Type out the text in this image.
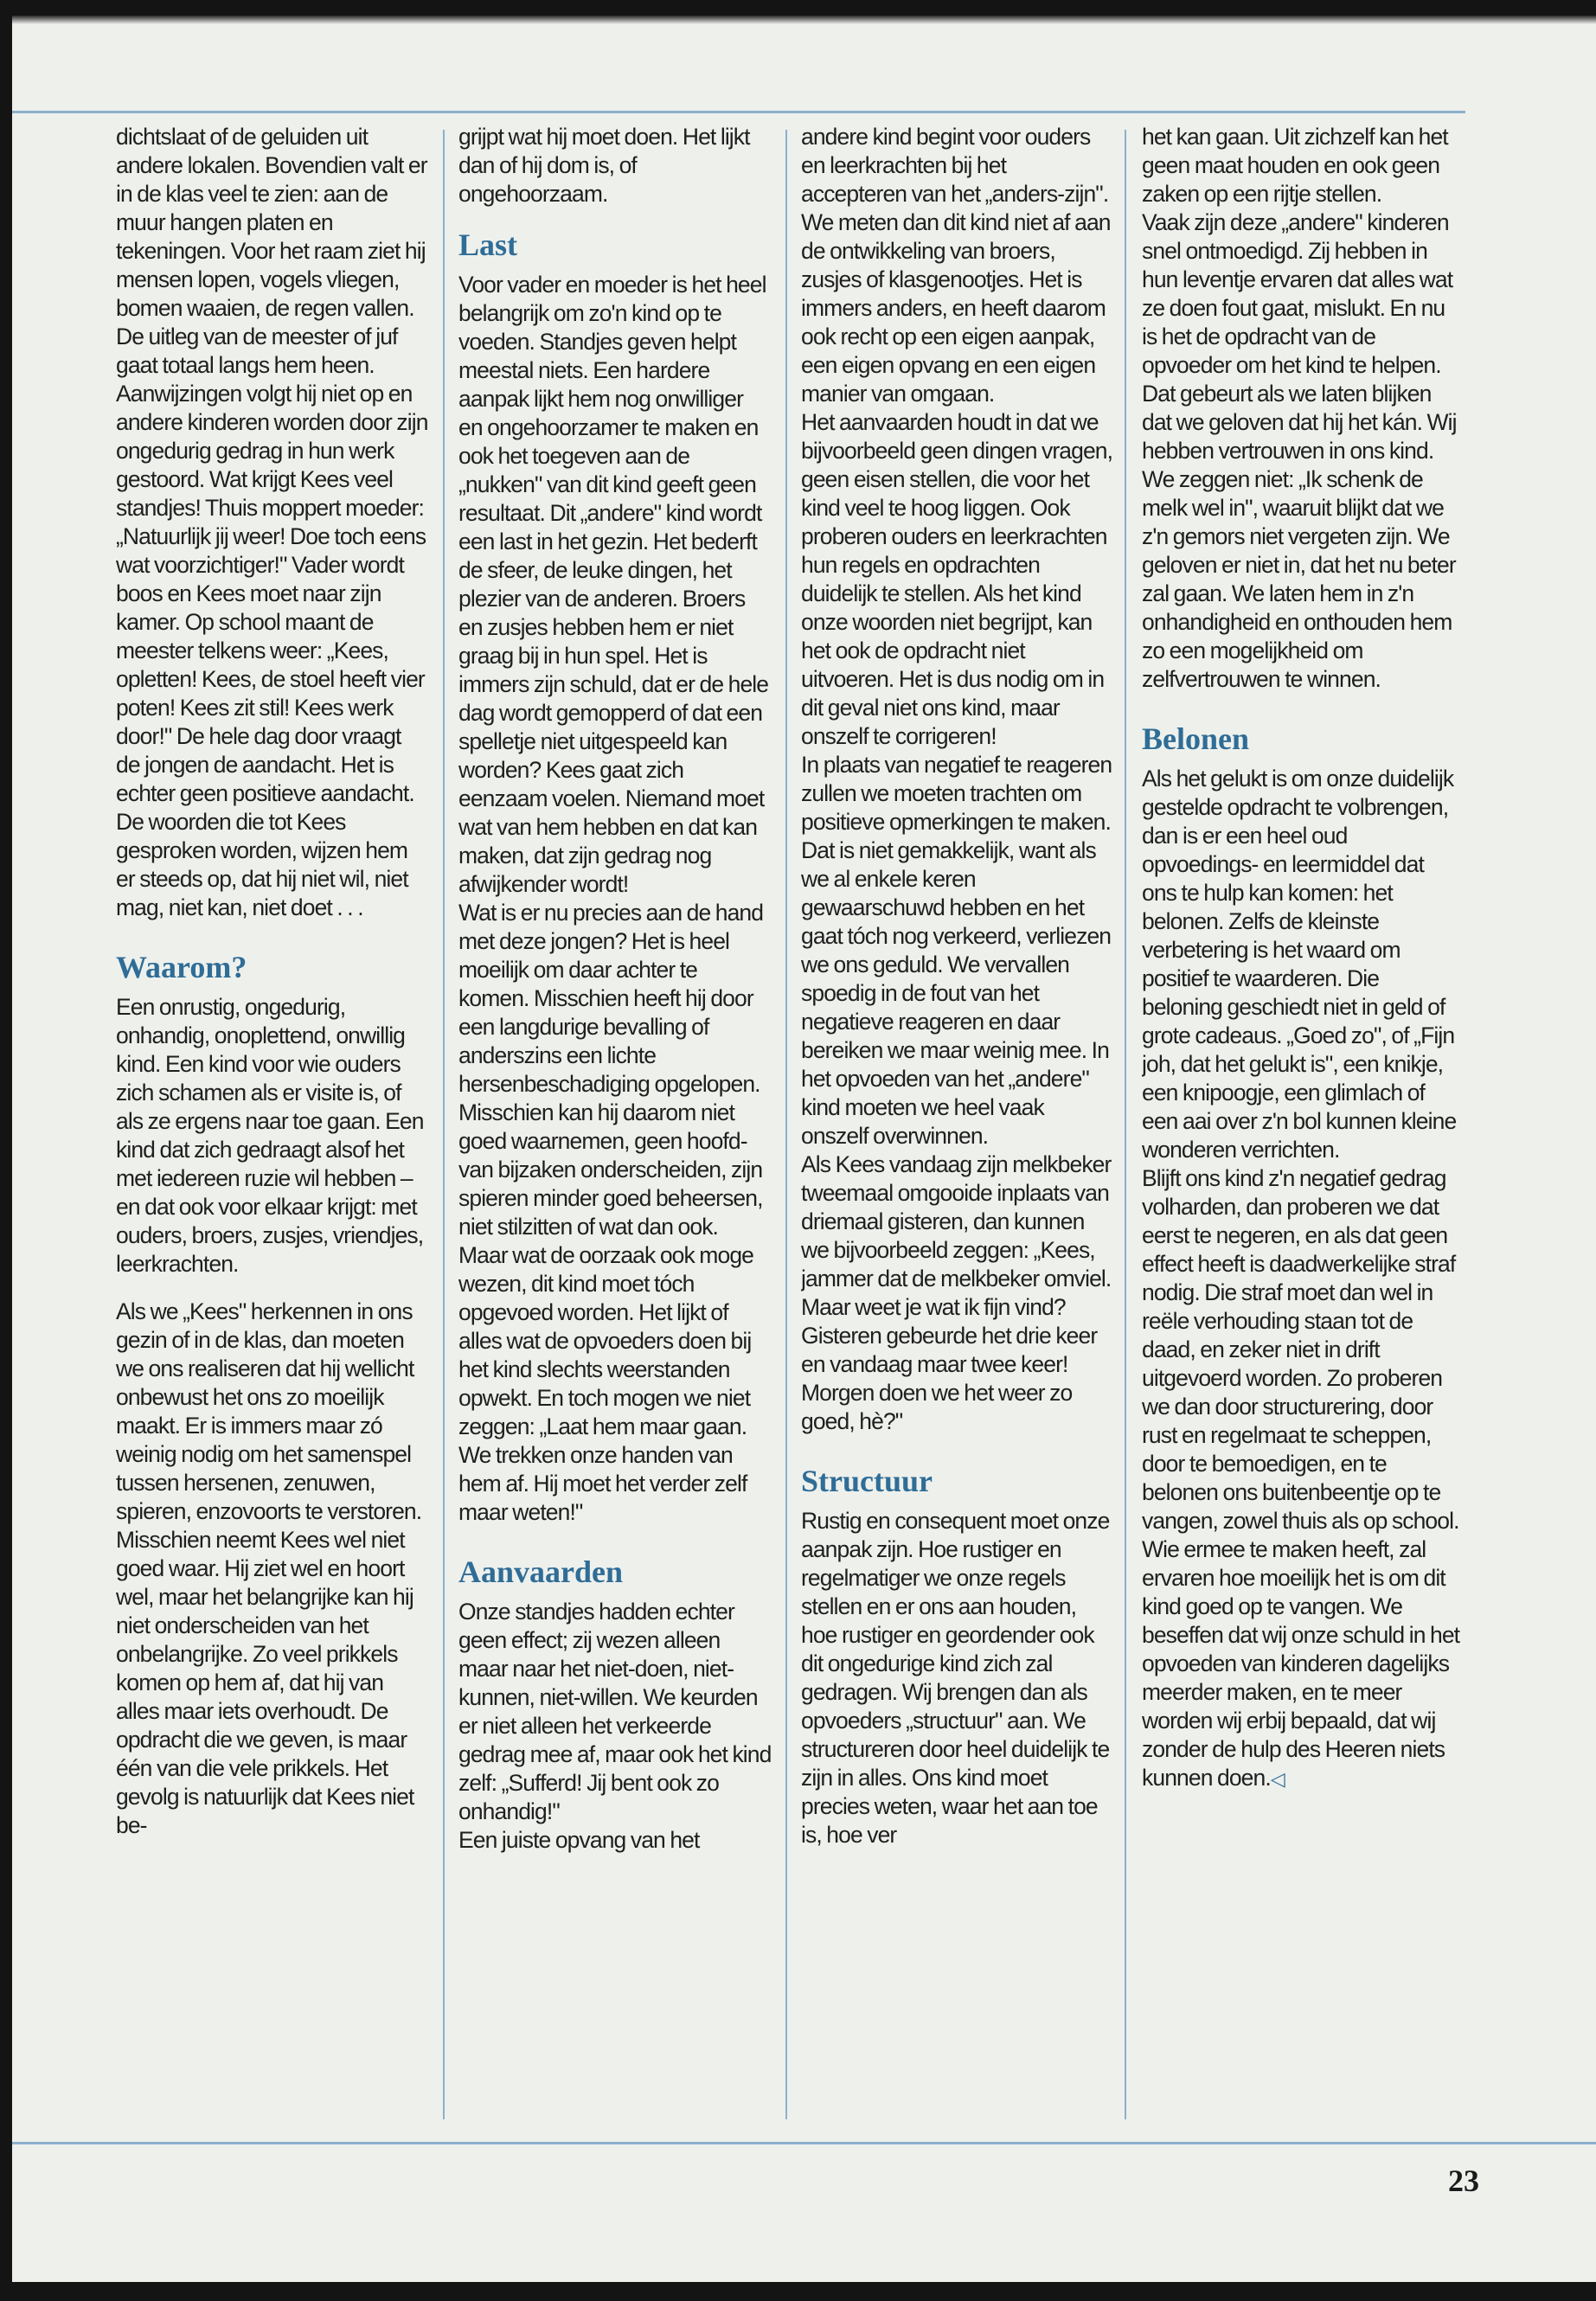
dichtslaat of de geluiden uit andere lokalen. Bovendien valt er in de klas veel te zien: aan de muur hangen platen en tekeningen. Voor het raam ziet hij mensen lopen, vogels vliegen, bomen waaien, de regen vallen. De uitleg van de meester of juf gaat totaal langs hem heen. Aanwijzingen volgt hij niet op en andere kinderen worden door zijn ongedurig gedrag in hun werk gestoord. Wat krijgt Kees veel standjes! Thuis moppert moeder: „Natuurlijk jij weer! Doe toch eens wat voorzichtiger!" Vader wordt boos en Kees moet naar zijn kamer. Op school maant de meester telkens weer: „Kees, opletten! Kees, de stoel heeft vier poten! Kees zit stil! Kees werk door!" De hele dag door vraagt de jongen de aandacht. Het is echter geen positieve aandacht. De woorden die tot Kees gesproken worden, wijzen hem er steeds op, dat hij niet wil, niet mag, niet kan, niet doet . . .

Waarom?

Een onrustig, ongedurig, onhandig, onoplettend, onwillig kind. Een kind voor wie ouders zich schamen als er visite is, of als ze ergens naar toe gaan. Een kind dat zich gedraagt alsof het met iedereen ruzie wil hebben – en dat ook voor elkaar krijgt: met ouders, broers, zusjes, vriendjes, leerkrachten.

Als we „Kees" herkennen in ons gezin of in de klas, dan moeten we ons realiseren dat hij wellicht onbewust het ons zo moeilijk maakt. Er is immers maar zó weinig nodig om het samenspel tussen hersenen, zenuwen, spieren, enzovoorts te verstoren.

Misschien neemt Kees wel niet goed waar. Hij ziet wel en hoort wel, maar het belangrijke kan hij niet onderscheiden van het onbelangrijke. Zo veel prikkels komen op hem af, dat hij van alles maar iets overhoudt. De opdracht die we geven, is maar één van die vele prikkels. Het gevolg is natuurlijk dat Kees niet be-

grijpt wat hij moet doen. Het lijkt dan of hij dom is, of ongehoorzaam.

Last

Voor vader en moeder is het heel belangrijk om zo'n kind op te voeden. Standjes geven helpt meestal niets. Een hardere aanpak lijkt hem nog onwilliger en ongehoorzamer te maken en ook het toegeven aan de „nukken" van dit kind geeft geen resultaat. Dit „andere" kind wordt een last in het gezin. Het bederft de sfeer, de leuke dingen, het plezier van de anderen. Broers en zusjes hebben hem er niet graag bij in hun spel. Het is immers zijn schuld, dat er de hele dag wordt gemopperd of dat een spelletje niet uitgespeeld kan worden? Kees gaat zich eenzaam voelen. Niemand moet wat van hem hebben en dat kan maken, dat zijn gedrag nog afwijkender wordt!

Wat is er nu precies aan de hand met deze jongen? Het is heel moeilijk om daar achter te komen. Misschien heeft hij door een langdurige bevalling of anderszins een lichte hersenbeschadiging opgelopen. Misschien kan hij daarom niet goed waarnemen, geen hoofd- van bijzaken onderscheiden, zijn spieren minder goed beheersen, niet stilzitten of wat dan ook.

Maar wat de oorzaak ook moge wezen, dit kind moet tóch opgevoed worden. Het lijkt of alles wat de opvoeders doen bij het kind slechts weerstanden opwekt. En toch mogen we niet zeggen: „Laat hem maar gaan. We trekken onze handen van hem af. Hij moet het verder zelf maar weten!"

Aanvaarden

Onze standjes hadden echter geen effect; zij wezen alleen maar naar het niet-doen, niet-kunnen, niet-willen. We keurden er niet alleen het verkeerde gedrag mee af, maar ook het kind zelf: „Sufferd! Jij bent ook zo onhandig!"

Een juiste opvang van het

andere kind begint voor ouders en leerkrachten bij het accepteren van het „anders-zijn". We meten dan dit kind niet af aan de ontwikkeling van broers, zusjes of klasgenootjes. Het is immers anders, en heeft daarom ook recht op een eigen aanpak, een eigen opvang en een eigen manier van omgaan.

Het aanvaarden houdt in dat we bijvoorbeeld geen dingen vragen, geen eisen stellen, die voor het kind veel te hoog liggen. Ook proberen ouders en leerkrachten hun regels en opdrachten duidelijk te stellen. Als het kind onze woorden niet begrijpt, kan het ook de opdracht niet uitvoeren. Het is dus nodig om in dit geval niet ons kind, maar onszelf te corrigeren!

In plaats van negatief te reageren zullen we moeten trachten om positieve opmerkingen te maken. Dat is niet gemakkelijk, want als we al enkele keren gewaarschuwd hebben en het gaat tóch nog verkeerd, verliezen we ons geduld. We vervallen spoedig in de fout van het negatieve reageren en daar bereiken we maar weinig mee. In het opvoeden van het „andere" kind moeten we heel vaak onszelf overwinnen.

Als Kees vandaag zijn melkbeker tweemaal omgooide inplaats van driemaal gisteren, dan kunnen we bijvoorbeeld zeggen: „Kees, jammer dat de melkbeker omviel. Maar weet je wat ik fijn vind? Gisteren gebeurde het drie keer en vandaag maar twee keer! Morgen doen we het weer zo goed, hè?"

Structuur

Rustig en consequent moet onze aanpak zijn. Hoe rustiger en regelmatiger we onze regels stellen en er ons aan houden, hoe rustiger en geordender ook dit ongedurige kind zich zal gedragen. Wij brengen dan als opvoeders „structuur" aan. We structureren door heel duidelijk te zijn in alles. Ons kind moet precies weten, waar het aan toe is, hoe ver

het kan gaan. Uit zichzelf kan het geen maat houden en ook geen zaken op een rijtje stellen.

Vaak zijn deze „andere" kinderen snel ontmoedigd. Zij hebben in hun leventje ervaren dat alles wat ze doen fout gaat, mislukt. En nu is het de opdracht van de opvoeder om het kind te helpen. Dat gebeurt als we laten blijken dat we geloven dat hij het kán. Wij hebben vertrouwen in ons kind.

We zeggen niet: „Ik schenk de melk wel in", waaruit blijkt dat we z'n gemors niet vergeten zijn. We geloven er niet in, dat het nu beter zal gaan. We laten hem in z'n onhandigheid en onthouden hem zo een mogelijkheid om zelfvertrouwen te winnen.

Belonen

Als het gelukt is om onze duidelijk gestelde opdracht te volbrengen, dan is er een heel oud opvoedings- en leermiddel dat ons te hulp kan komen: het belonen. Zelfs de kleinste verbetering is het waard om positief te waarderen. Die beloning geschiedt niet in geld of grote cadeaus. „Goed zo", of „Fijn joh, dat het gelukt is", een knikje, een knipoogje, een glimlach of een aai over z'n bol kunnen kleine wonderen verrichten.

Blijft ons kind z'n negatief gedrag volharden, dan proberen we dat eerst te negeren, en als dat geen effect heeft is daadwerkelijke straf nodig. Die straf moet dan wel in reële verhouding staan tot de daad, en zeker niet in drift uitgevoerd worden. Zo proberen we dan door structurering, door rust en regelmaat te scheppen, door te bemoedigen, en te belonen ons buitenbeentje op te vangen, zowel thuis als op school.

Wie ermee te maken heeft, zal ervaren hoe moeilijk het is om dit kind goed op te vangen. We beseffen dat wij onze schuld in het opvoeden van kinderen dagelijks meerder maken, en te meer worden wij erbij bepaald, dat wij zonder de hulp des Heeren niets kunnen doen.◁

23
